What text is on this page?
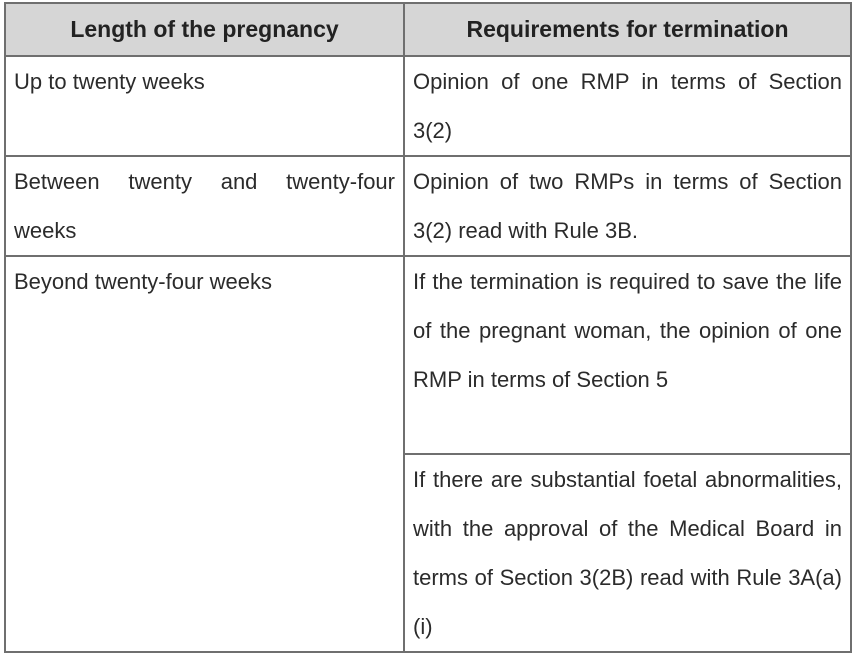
Length of the pregnancy	Requirements for termination
Up to twenty weeks	Opinion of one RMP in terms of Section 3(2)
Between twenty and twenty-four weeks	Opinion of two RMPs in terms of Section 3(2) read with Rule 3B.
Beyond twenty-four weeks	If the termination is required to save the life of the pregnant woman, the opinion of one RMP in terms of Section 5
	If there are substantial foetal abnormalities, with the approval of the Medical Board in terms of Section 3(2B) read with Rule 3A(a)(i)
